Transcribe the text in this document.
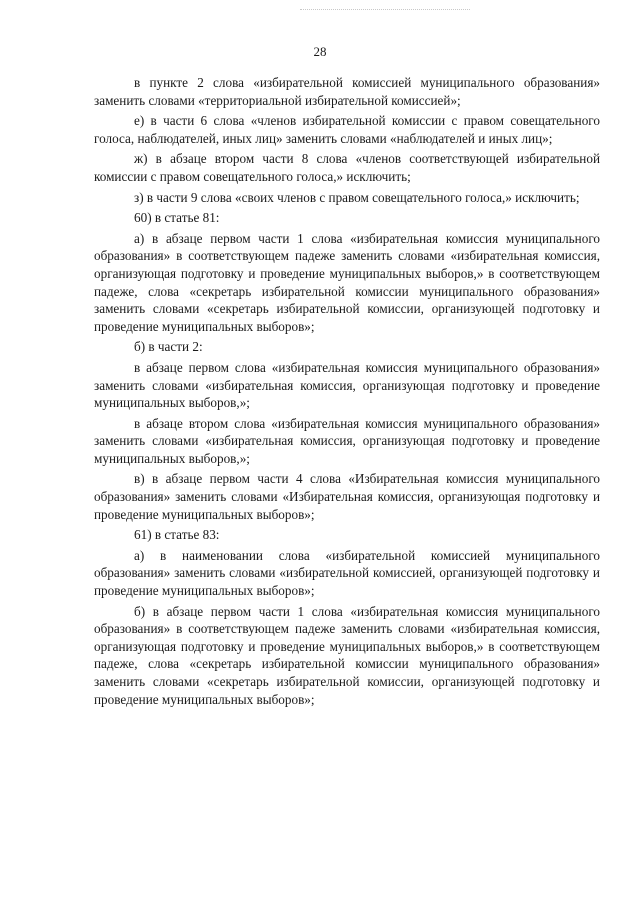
28

в пункте 2 слова «избирательной комиссией муниципального образования» заменить словами «территориальной избирательной комиссией»;

е) в части 6 слова «членов избирательной комиссии с правом совещательного голоса, наблюдателей, иных лиц» заменить словами «наблюдателей и иных лиц»;

ж) в абзаце втором части 8 слова «членов соответствующей избирательной комиссии с правом совещательного голоса,» исключить;

з) в части 9 слова «своих членов с правом совещательного голоса,» исключить;

60) в статье 81:

а) в абзаце первом части 1 слова «избирательная комиссия муниципального образования» в соответствующем падеже заменить словами «избирательная комиссия, организующая подготовку и проведение муниципальных выборов,» в соответствующем падеже, слова «секретарь избирательной комиссии муниципального образования» заменить словами «секретарь избирательной комиссии, организующей подготовку и проведение муниципальных выборов»;

б) в части 2:

в абзаце первом слова «избирательная комиссия муниципального образования» заменить словами «избирательная комиссия, организующая подготовку и проведение муниципальных выборов,»;

в абзаце втором слова «избирательная комиссия муниципального образования» заменить словами «избирательная комиссия, организующая подготовку и проведение муниципальных выборов,»;

в) в абзаце первом части 4 слова «Избирательная комиссия муниципального образования» заменить словами «Избирательная комиссия, организующая подготовку и проведение муниципальных выборов»;

61) в статье 83:

а) в наименовании слова «избирательной комиссией муниципального образования» заменить словами «избирательной комиссией, организующей подготовку и проведение муниципальных выборов»;

б) в абзаце первом части 1 слова «избирательная комиссия муниципального образования» в соответствующем падеже заменить словами «избирательная комиссия, организующая подготовку и проведение муниципальных выборов,» в соответствующем падеже, слова «секретарь избирательной комиссии муниципального образования» заменить словами «секретарь избирательной комиссии, организующей подготовку и проведение муниципальных выборов»;
